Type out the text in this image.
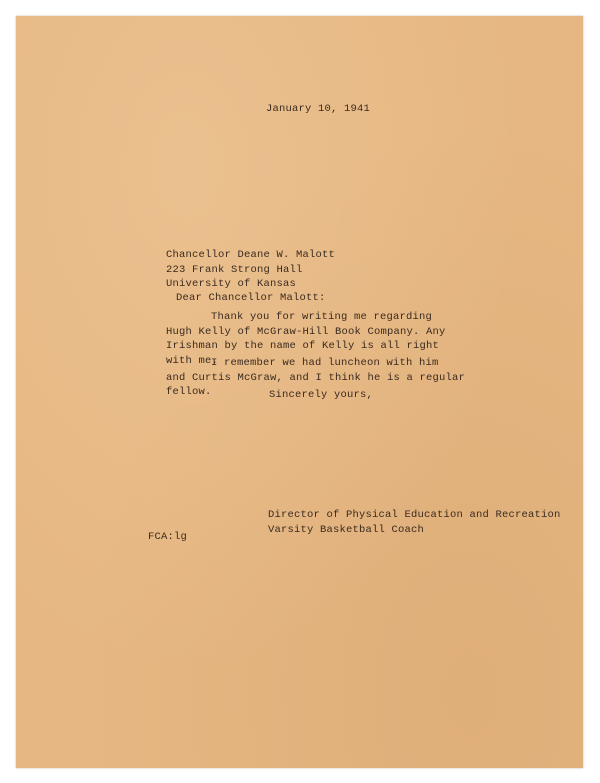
January 10, 1941
Chancellor Deane W. Malott
223 Frank Strong Hall
University of Kansas
Dear Chancellor Malott:
Thank you for writing me regarding
Hugh Kelly of McGraw-Hill Book Company. Any
Irishman by the name of Kelly is all right
with me.
I remember we had luncheon with him
and Curtis McGraw, and I think he is a regular
fellow.	Sincerely yours,
Director of Physical Education and Recreation
Varsity Basketball Coach
FCA:lg
